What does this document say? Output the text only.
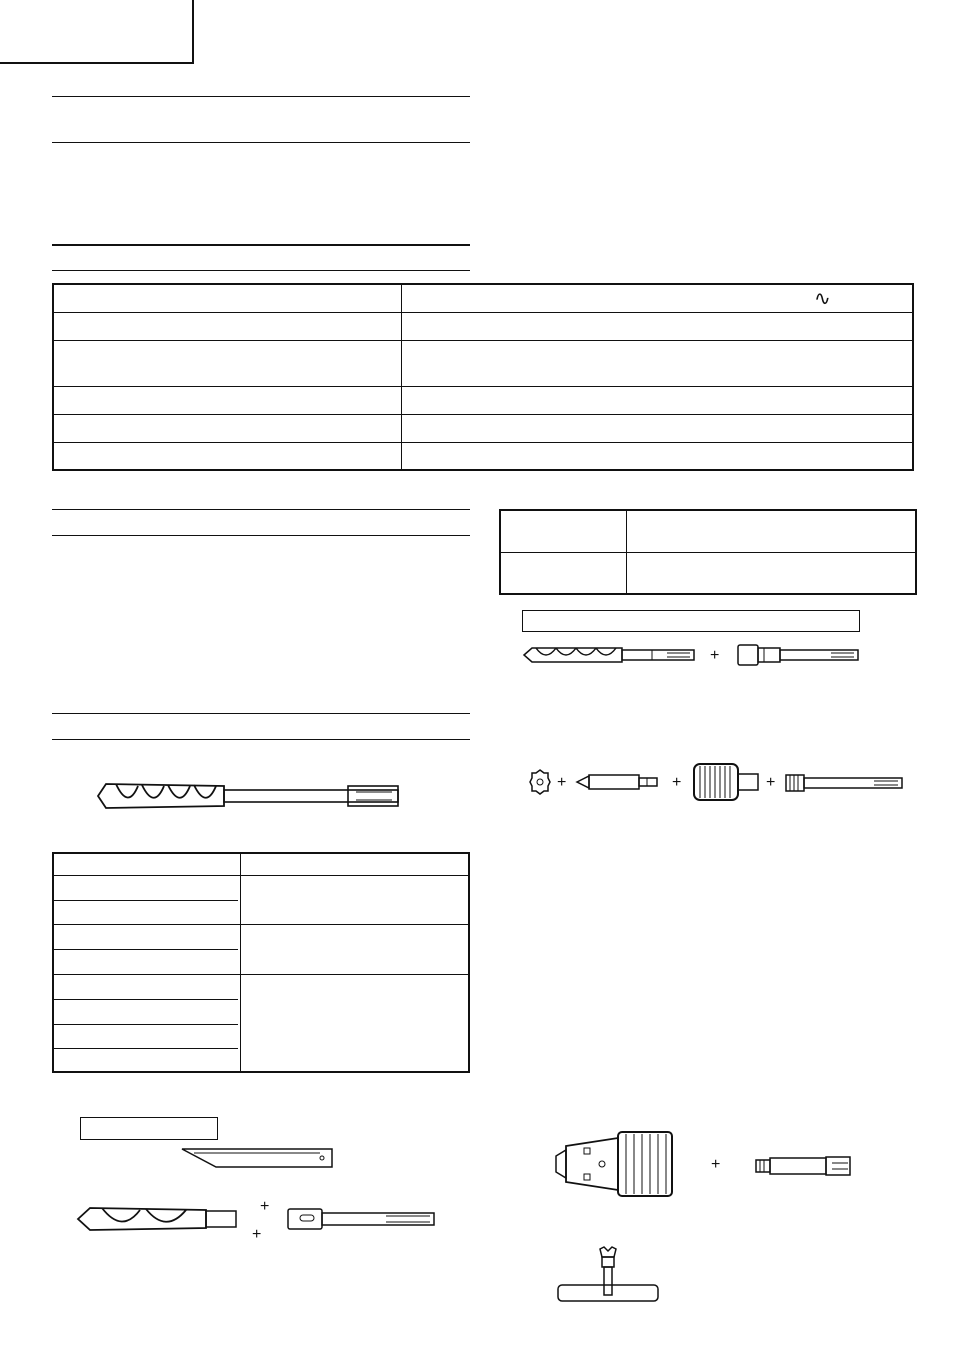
∿
+
+	+	+
+
+
+
